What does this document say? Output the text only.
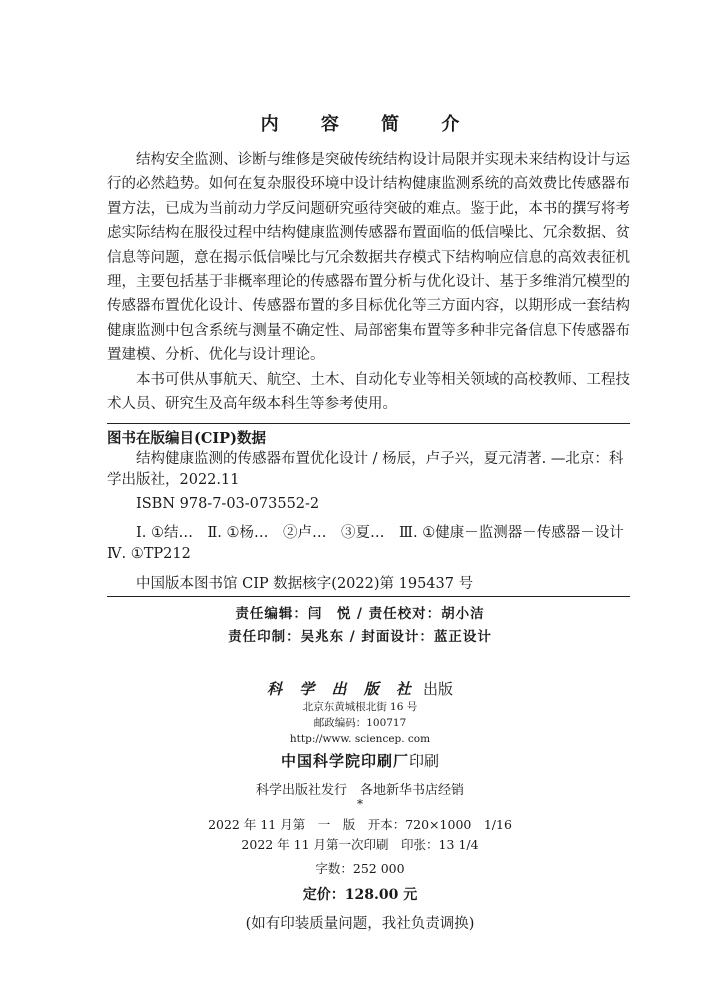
内 容 简 介

结构安全监测、诊断与维修是突破传统结构设计局限并实现未来结构设计与运行的必然趋势。如何在复杂服役环境中设计结构健康监测系统的高效费比传感器布置方法，已成为当前动力学反问题研究亟待突破的难点。鉴于此，本书的撰写将考虑实际结构在服役过程中结构健康监测传感器布置面临的低信噪比、冗余数据、贫信息等问题，意在揭示低信噪比与冗余数据共存模式下结构响应信息的高效表征机理，主要包括基于非概率理论的传感器布置分析与优化设计、基于多维消冗模型的传感器布置优化设计、传感器布置的多目标优化等三方面内容，以期形成一套结构健康监测中包含系统与测量不确定性、局部密集布置等多种非完备信息下传感器布置建模、分析、优化与设计理论。

本书可供从事航天、航空、土木、自动化专业等相关领域的高校教师、工程技术人员、研究生及高年级本科生等参考使用。

图书在版编目(CIP)数据
结构健康监测的传感器布置优化设计 / 杨辰，卢子兴，夏元清著. —北京：科学出版社，2022.11
ISBN 978-7-03-073552-2
Ⅰ. ①结…　Ⅱ. ①杨…　②卢…　③夏…　Ⅲ. ①健康－监测器－传感器－设计　Ⅳ. ①TP212
中国版本图书馆 CIP 数据核字(2022)第 195437 号
责任编辑：闫　悦 / 责任校对：胡小洁
责任印制：吴兆东 / 封面设计：蓝正设计
科 学 出 版 社 出版
北京东黄城根北街 16 号
邮政编码：100717
http://www. sciencep. com
中国科学院印刷厂印刷
科学出版社发行　各地新华书店经销
*
2022 年 11 月第　一　版　开本：720×1000　1/16
2022 年 11 月第一次印刷　印张：13 1/4
字数：252 000
定价：128.00 元
(如有印装质量问题，我社负责调换)
